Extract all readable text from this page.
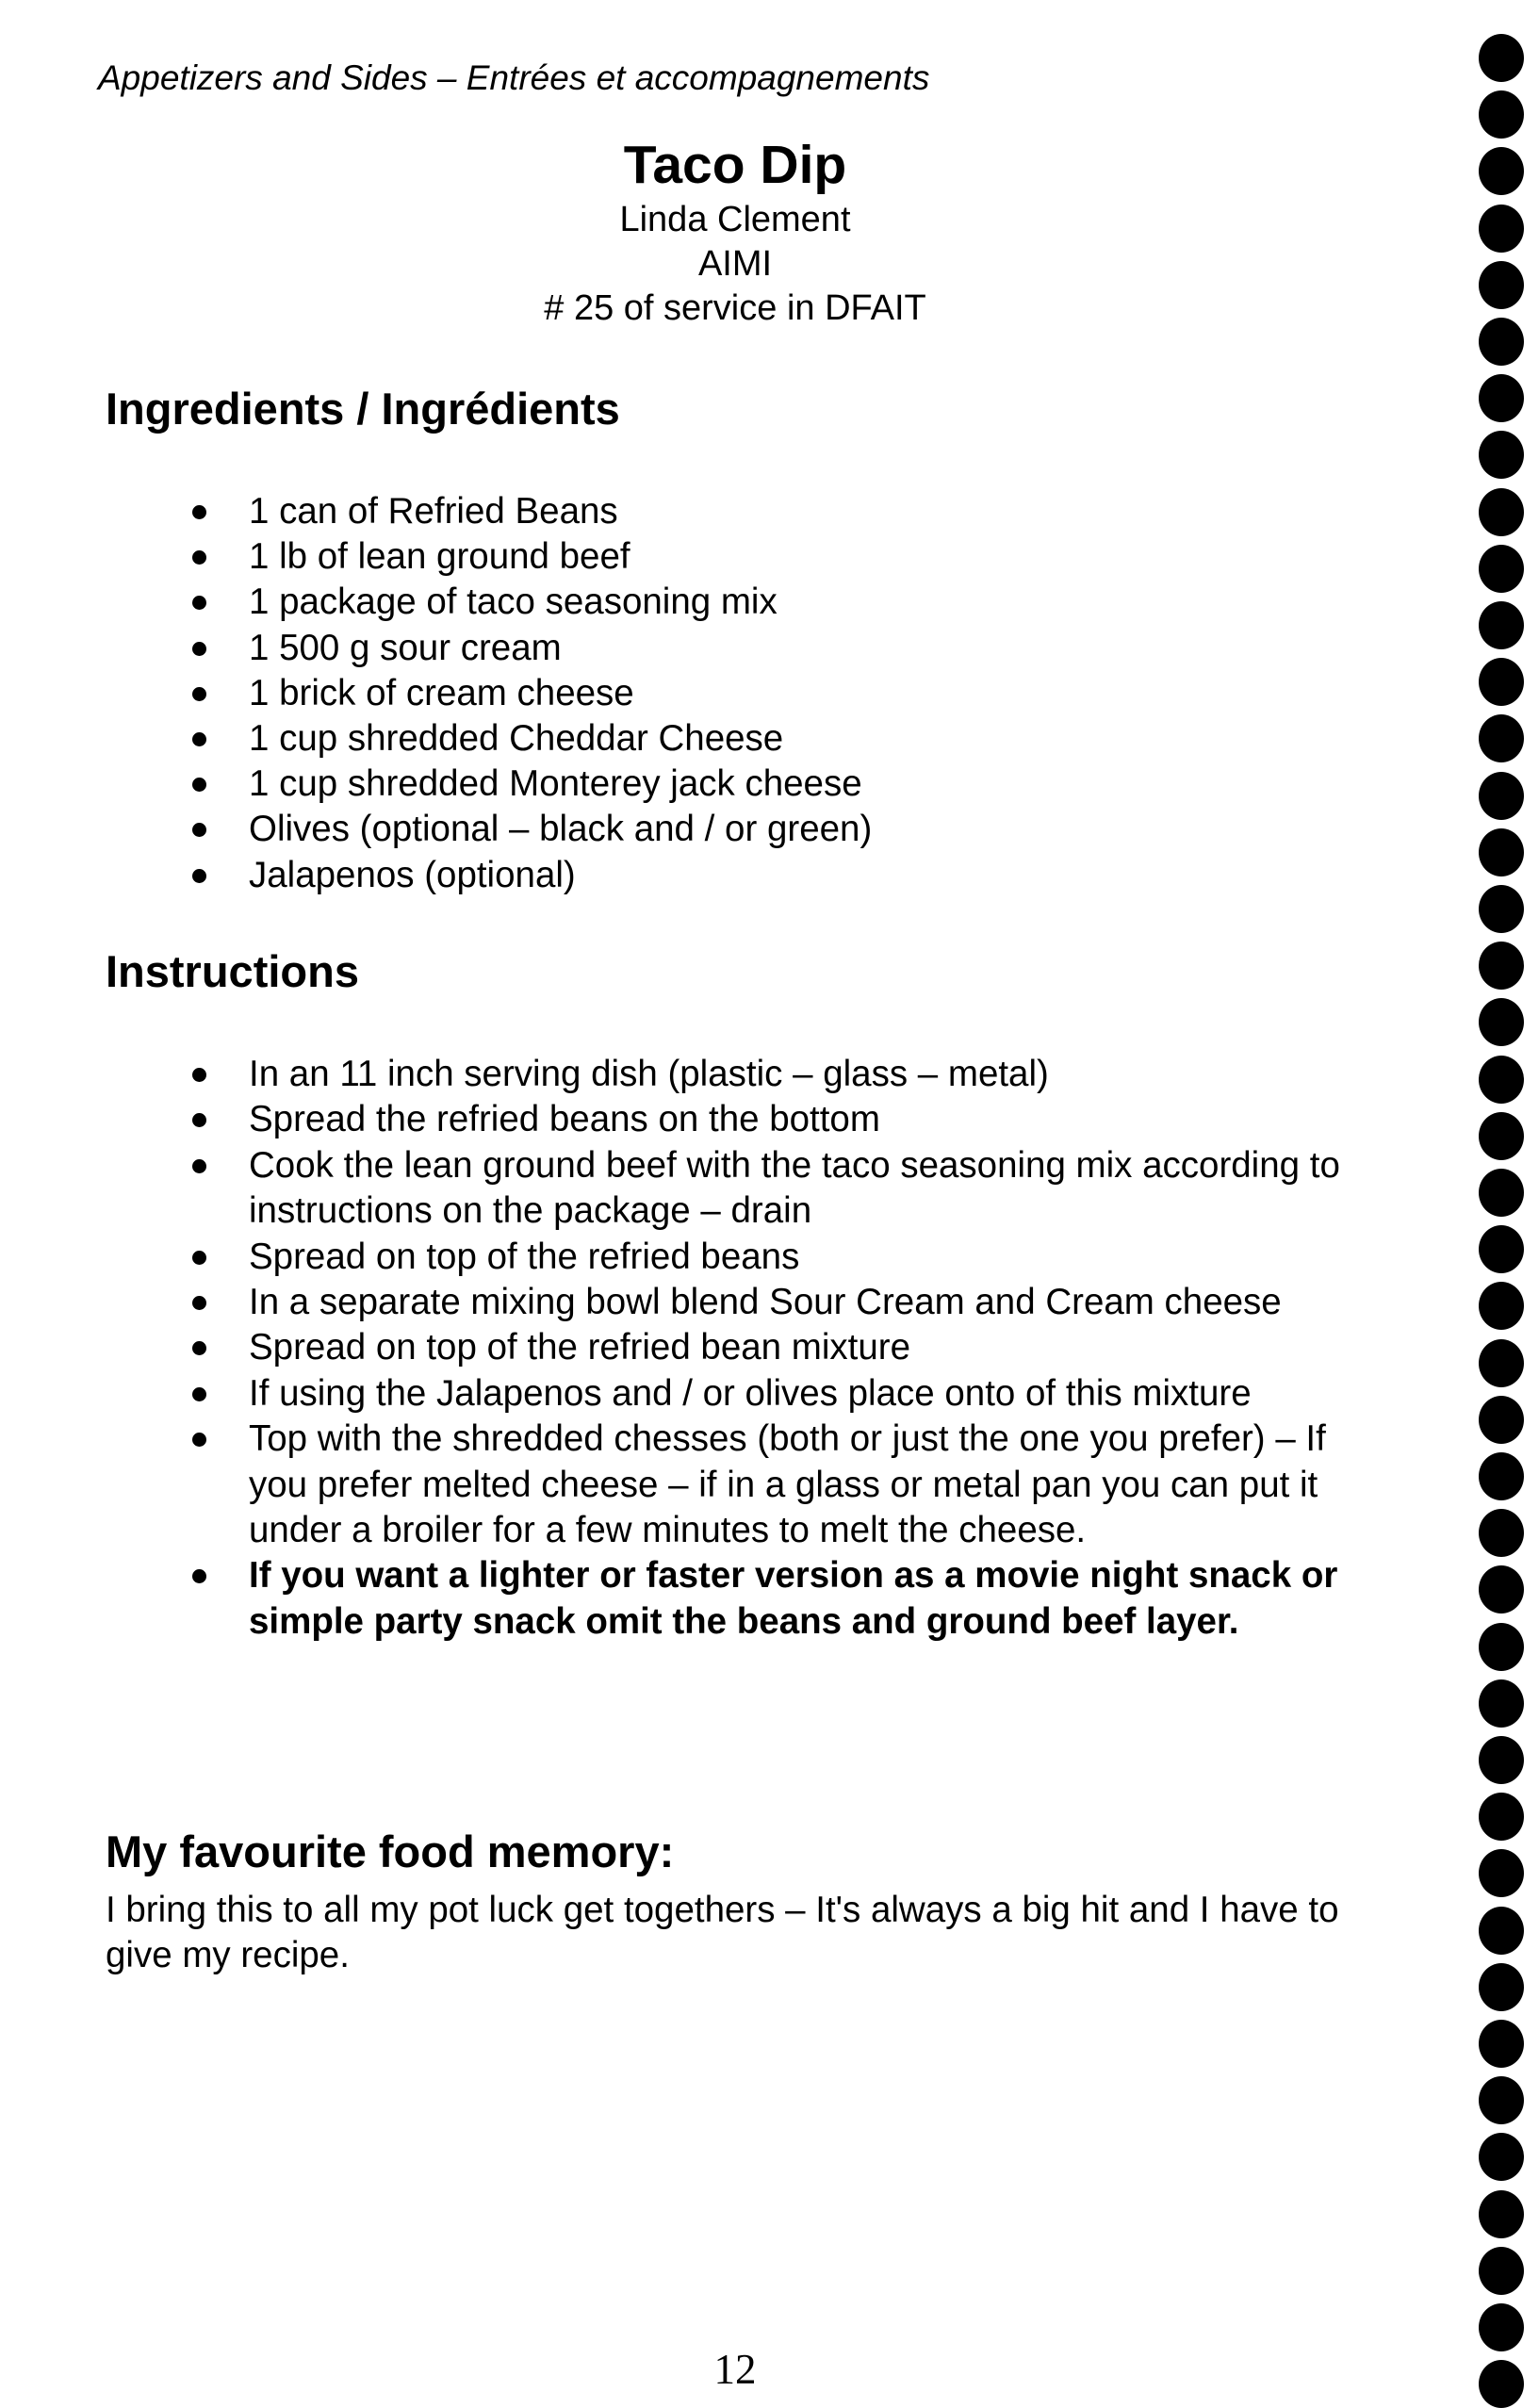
Appetizers and Sides – Entrées et accompagnements
Taco Dip
Linda Clement
AIMI
# 25 of service in DFAIT
Ingredients / Ingrédients
1 can of Refried Beans
1 lb of lean ground beef
1 package of taco seasoning mix
1 500 g sour cream
1 brick of cream cheese
1 cup shredded Cheddar Cheese
1 cup shredded Monterey jack cheese
Olives (optional – black and / or green)
Jalapenos (optional)
Instructions
In an 11 inch serving dish (plastic – glass – metal)
Spread the refried beans on the bottom
Cook the lean ground beef with the taco seasoning mix according to instructions on the package – drain
Spread on top of the refried beans
In a separate mixing bowl blend Sour Cream and Cream cheese
Spread on top of the refried bean mixture
If using the Jalapenos and / or olives place onto of this mixture
Top with the shredded chesses (both or just the one you prefer) – If you prefer melted cheese – if in a glass or metal pan you can put it under a broiler for a few minutes to melt the cheese.
If you want a lighter or faster version as a movie night snack or simple party snack omit the beans and ground beef layer.
My favourite food memory:
I bring this to all my pot luck get togethers – It's always a big hit and I have to give my recipe.
12
